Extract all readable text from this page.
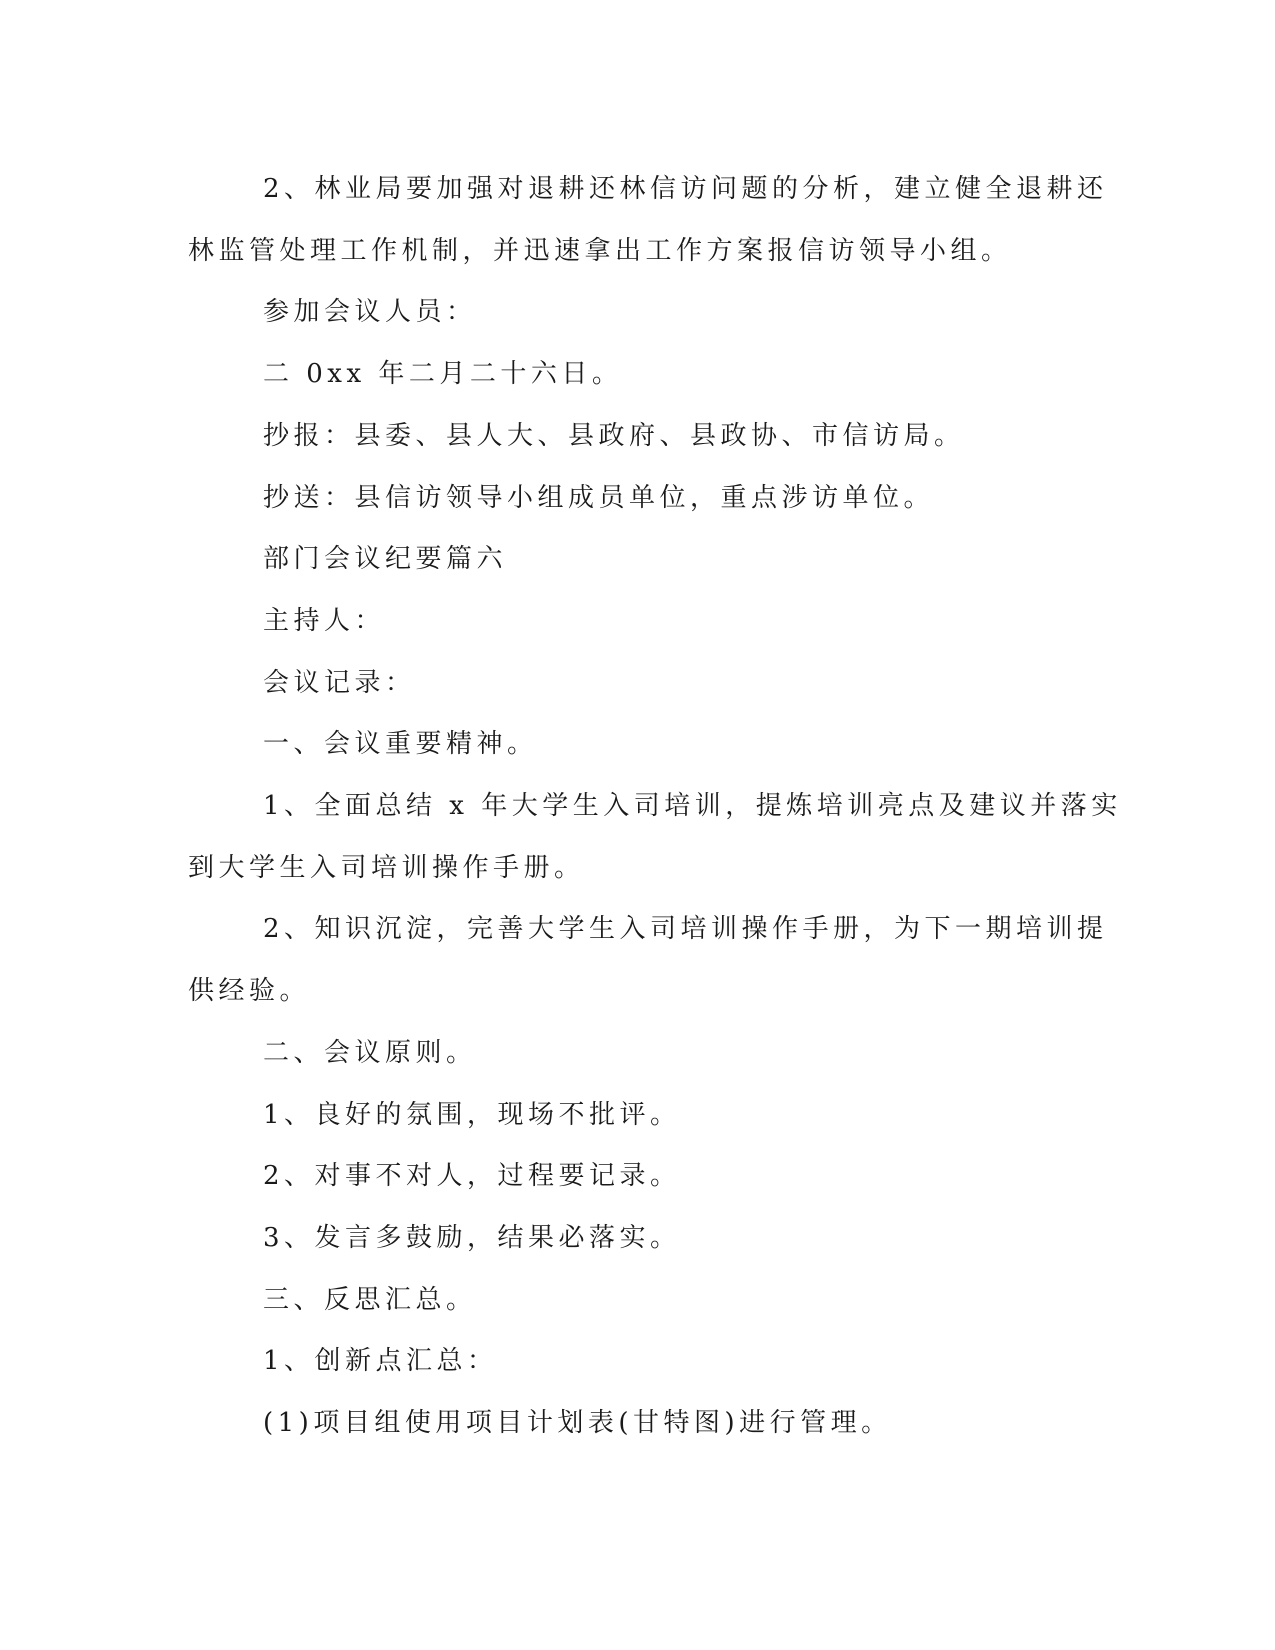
2、林业局要加强对退耕还林信访问题的分析，建立健全退耕还

林监管处理工作机制，并迅速拿出工作方案报信访领导小组。

参加会议人员：

二 0xx 年二月二十六日。

抄报：县委、县人大、县政府、县政协、市信访局。

抄送：县信访领导小组成员单位，重点涉访单位。

部门会议纪要篇六

主持人：

会议记录：

一、会议重要精神。

1、全面总结 x 年大学生入司培训，提炼培训亮点及建议并落实

到大学生入司培训操作手册。

2、知识沉淀，完善大学生入司培训操作手册，为下一期培训提

供经验。

二、会议原则。

1、良好的氛围，现场不批评。

2、对事不对人，过程要记录。

3、发言多鼓励，结果必落实。

三、反思汇总。

1、创新点汇总：

(1)项目组使用项目计划表(甘特图)进行管理。
